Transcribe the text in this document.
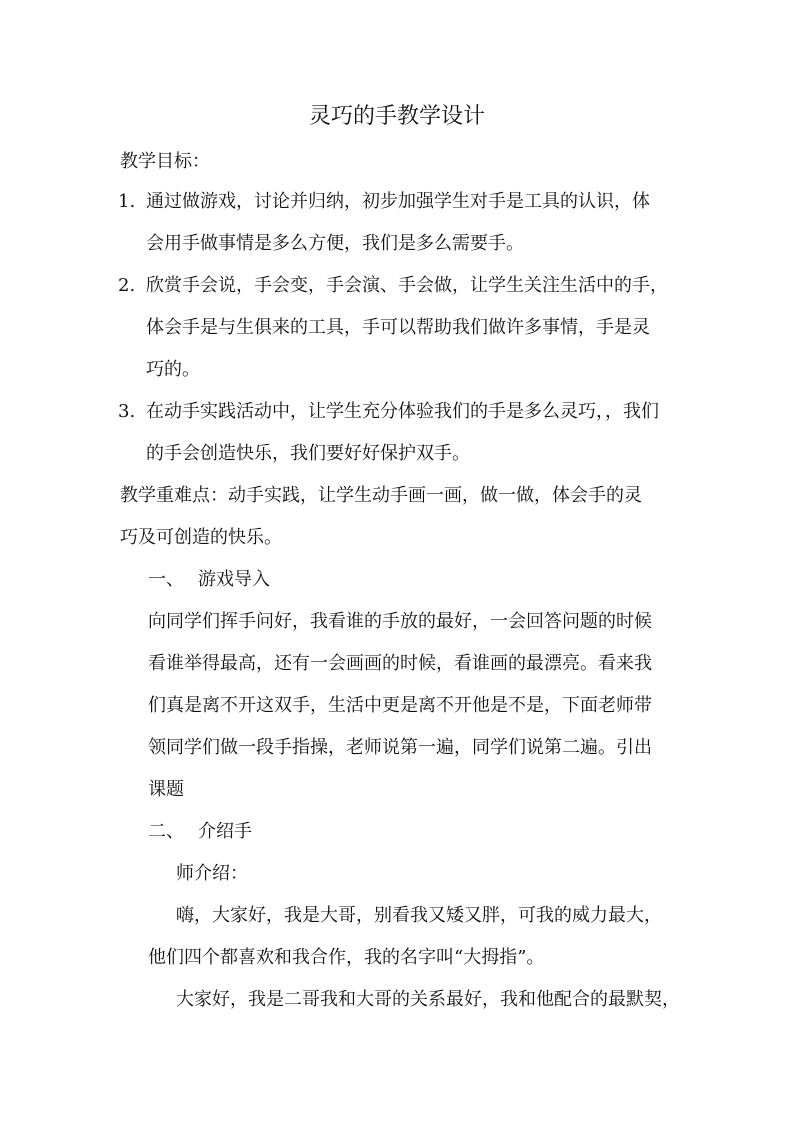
灵巧的手教学设计
教学目标：
1. 通过做游戏，讨论并归纳，初步加强学生对手是工具的认识，体
会用手做事情是多么方便，我们是多么需要手。
2. 欣赏手会说，手会变，手会演、手会做，让学生关注生活中的手，
体会手是与生俱来的工具，手可以帮助我们做许多事情，手是灵
巧的。
3. 在动手实践活动中，让学生充分体验我们的手是多么灵巧，，我们
的手会创造快乐，我们要好好保护双手。
教学重难点：动手实践，让学生动手画一画，做一做，体会手的灵
巧及可创造的快乐。
一、 游戏导入
向同学们挥手问好，我看谁的手放的最好，一会回答问题的时候
看谁举得最高，还有一会画画的时候，看谁画的最漂亮。看来我
们真是离不开这双手，生活中更是离不开他是不是，下面老师带
领同学们做一段手指操，老师说第一遍，同学们说第二遍。引出
课题
二、 介绍手
师介绍：
嗨，大家好，我是大哥，别看我又矮又胖，可我的威力最大，
他们四个都喜欢和我合作，我的名字叫“大拇指”。
大家好，我是二哥我和大哥的关系最好，我和他配合的最默契，
